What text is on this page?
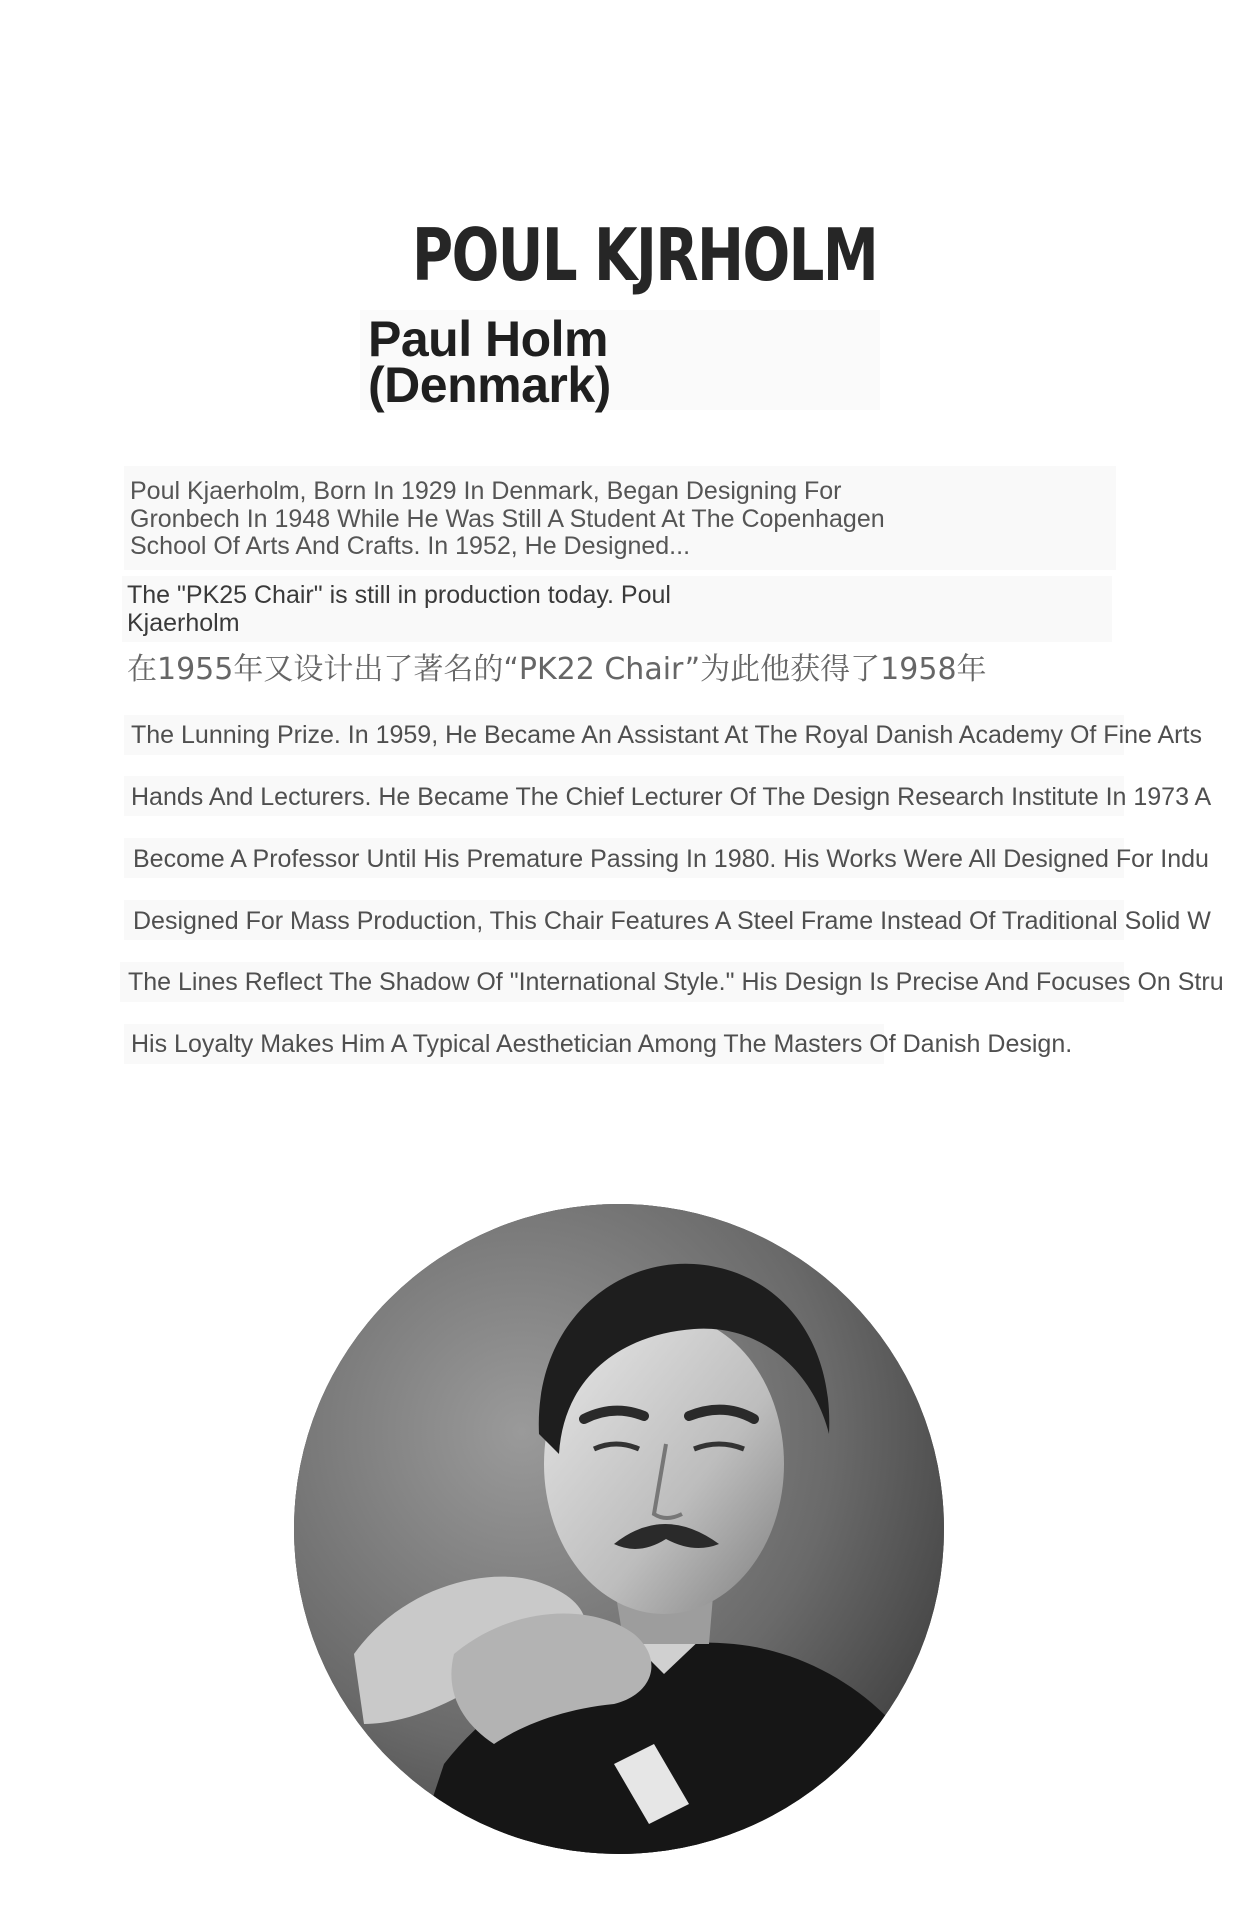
POUL KJRHOLM
Paul Holm
(Denmark)
Poul Kjaerholm, Born In 1929 In Denmark, Began Designing For
Gronbech In 1948 While He Was Still A Student At The Copenhagen
School Of Arts And Crafts. In 1952, He Designed...
The "PK25 Chair" is still in production today. Poul
Kjaerholm
在1955年又设计出了著名的“PK22 Chair”为此他获得了1958年
The Lunning Prize. In 1959, He Became An Assistant At The Royal Danish Academy Of Fine Arts
Hands And Lecturers. He Became The Chief Lecturer Of The Design Research Institute In 1973 A
Become A Professor Until His Premature Passing In 1980. His Works Were All Designed For Indu
Designed For Mass Production, This Chair Features A Steel Frame Instead Of Traditional Solid W
The Lines Reflect The Shadow Of "International Style." His Design Is Precise And Focuses On Stru
His Loyalty Makes Him A Typical Aesthetician Among The Masters Of Danish Design.
